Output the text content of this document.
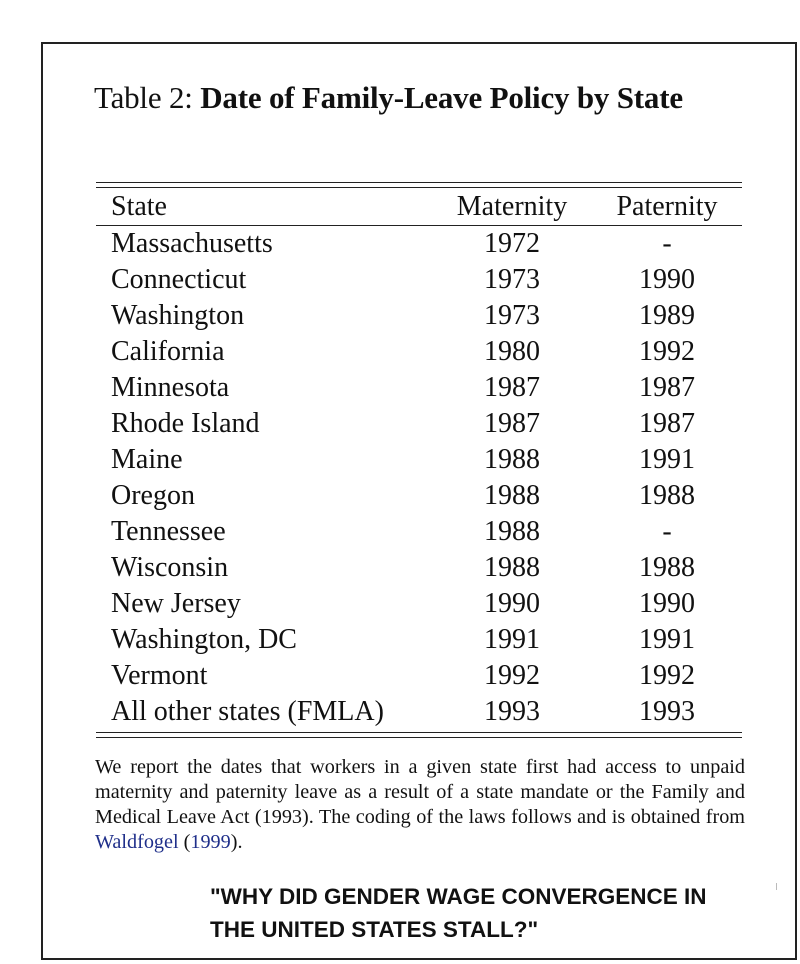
Table 2: Date of Family-Leave Policy by State
State	Maternity	Paternity
Massachusetts	1972	-
Connecticut	1973	1990
Washington	1973	1989
California	1980	1992
Minnesota	1987	1987
Rhode Island	1987	1987
Maine	1988	1991
Oregon	1988	1988
Tennessee	1988	-
Wisconsin	1988	1988
New Jersey	1990	1990
Washington, DC	1991	1991
Vermont	1992	1992
All other states (FMLA)	1993	1993
We report the dates that workers in a given state first had access to unpaid maternity and paternity leave as a result of a state mandate or the Family and Medical Leave Act (1993). The coding of the laws follows and is obtained from Waldfogel (1999).
"WHY DID GENDER WAGE CONVERGENCE IN
THE UNITED STATES STALL?"
